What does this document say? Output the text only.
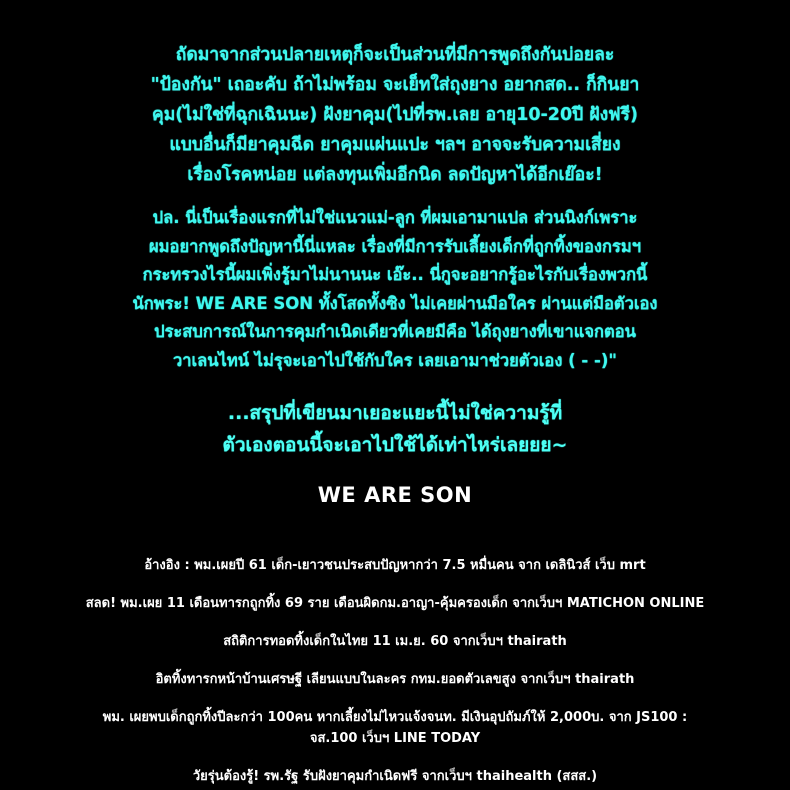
ถัดมาจากส่วนปลายเหตุก็จะเป็นส่วนที่มีการพูดถึงกันบ่อยละ
"ป้องกัน" เถอะคับ ถ้าไม่พร้อม จะเย็ทใส่ถุงยาง อยากสด.. ก็กินยา
คุม(ไม่ใช่ที่ฉุกเฉินนะ) ฝังยาคุม(ไปที่รพ.เลย อายุ10-20ปี ฝังฟรี)
แบบอื่นก็มียาคุมฉีด ยาคุมแผ่นแปะ ฯลฯ อาจจะรับความเสี่ยง
เรื่องโรคหน่อย แต่ลงทุนเพิ่มอีกนิด ลดปัญหาได้อีกเย๊อะ!
ปล. นี่เป็นเรื่องแรกที่ไม่ใช่แนวแม่-ลูก ที่ผมเอามาแปล ส่วนนิงก์เพราะ
ผมอยากพูดถึงปัญหานี้นี่แหละ เรื่องที่มีการรับเลี้ยงเด็กที่ถูกทิ้งของกรมฯ
กระทรวงไรนี้ผมเพิ่งรู้มาไม่นานนะ เอ๊ะ.. นี่กูจะอยากรู้อะไรกับเรื่องพวกนี้
นักพระ! WE ARE SON ทั้งโสดทั้งซิง ไม่เคยผ่านมือใคร ผ่านแต่มือตัวเอง
ประสบการณ์ในการคุมกำเนิดเดียวที่เคยมีคือ ได้ถุงยางที่เขาแจกตอน
วาเลนไทน์ ไม่รุจะเอาไปใช้กับใคร เลยเอามาช่วยตัวเอง ( - -)"
...สรุปที่เขียนมาเยอะแยะนี้ไม่ใช่ความรู้ที่
ตัวเองตอนนี้จะเอาไปใช้ได้เท่าไหร่เลยยย~
WE ARE SON
อ้างอิง : พม.เผยปี 61 เด็ก-เยาวชนประสบปัญหากว่า 7.5 หมื่นคน จาก เดลินิวส์ เว็บ mrt
สลด! พม.เผย 11 เดือนทารกถูกทิ้ง 69 ราย เดือนผิดกม.อาญา-คุ้มครองเด็ก จากเว็บฯ MATICHON ONLINE
สถิติการทอดทิ้งเด็กในไทย 11 เม.ย. 60 จากเว็บฯ thairath
อิตทิ้งทารกหน้าบ้านเศรษฐี เลียนแบบในละคร กทม.ยอดตัวเลขสูง จากเว็บฯ thairath
พม. เผยพบเด็กถูกทิ้งปีละกว่า 100คน หากเลี้ยงไม่ไหวแจ้งจนท. มีเงินอุปถัมภ์ให้ 2,000บ. จาก JS100 :
จส.100 เว็บฯ LINE TODAY
วัยรุ่นต้องรู้! รพ.รัฐ รับฝังยาคุมกำเนิดฟรี จากเว็บฯ thaihealth (สสส.)
